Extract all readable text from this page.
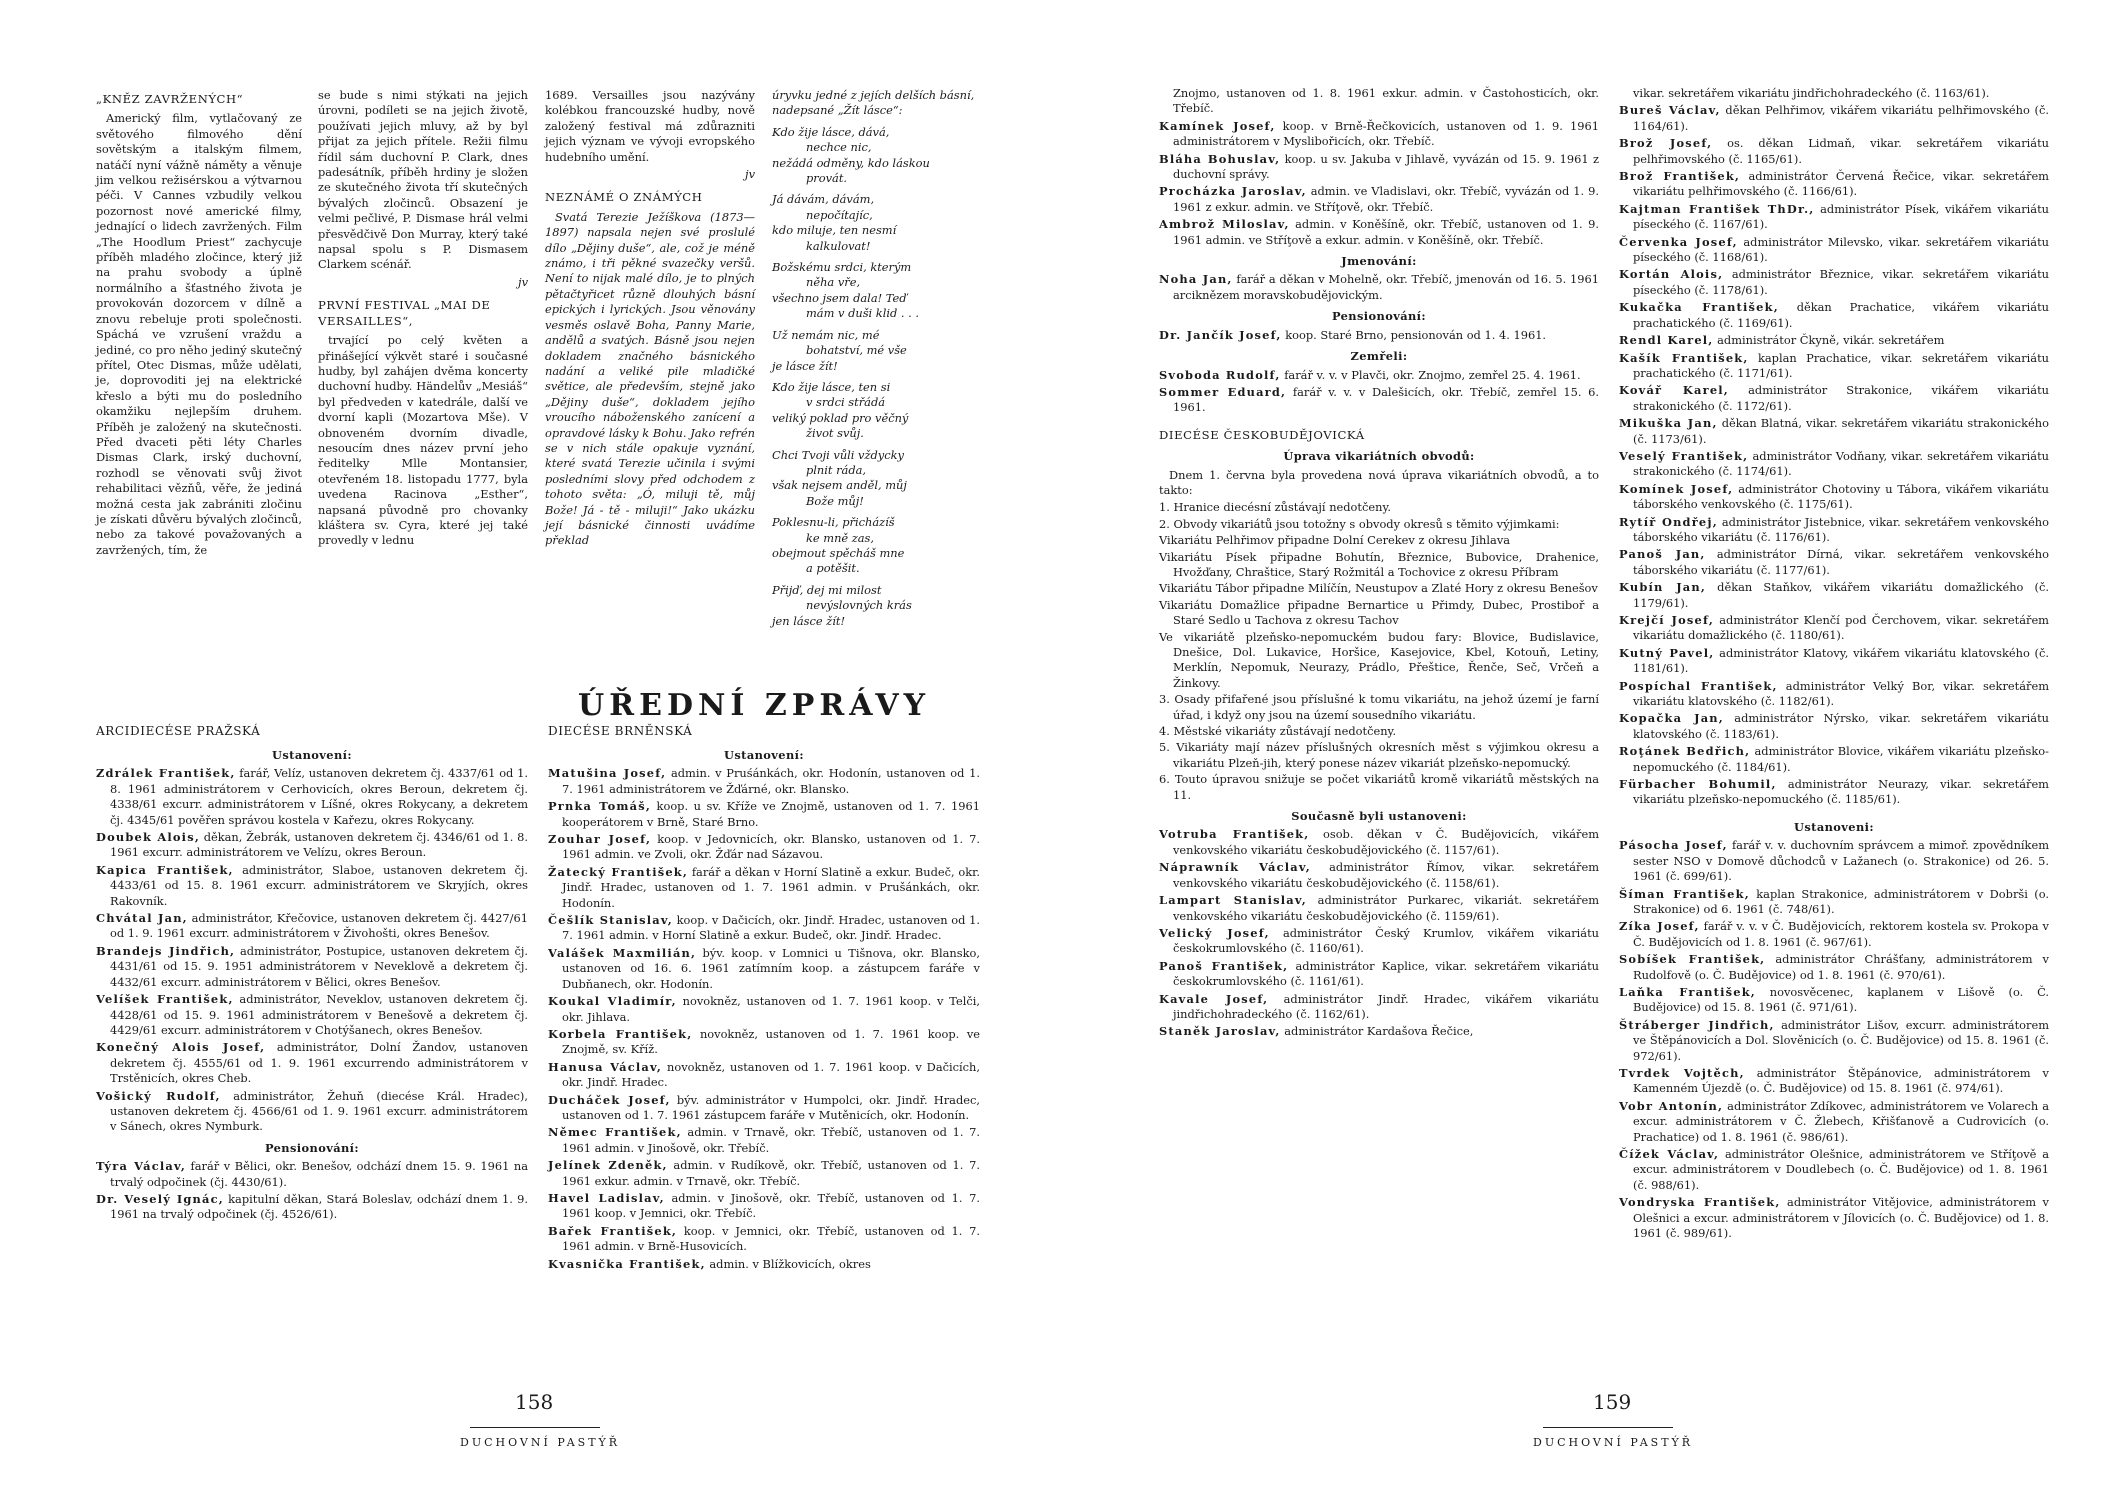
„KNĚZ ZAVRŽENÝCH“

Americký film, vytlačovaný ze světového filmového dění sovětským a italským filmem, natáčí nyní vážně náměty a věnuje jim velkou režisérskou a výtvarnou péči. V Cannes vzbudily velkou pozornost nové americké filmy, jednající o lidech zavržených. Film „The Hoodlum Priest“ zachycuje příběh mladého zločince, který již na prahu svobody a úplně normálního a šťastného života je provokován dozorcem v dílně a znovu rebeluje proti společnosti. Spáchá ve vzrušení vraždu a jediné, co pro něho jediný skutečný přítel, Otec Dismas, může udělati, je, doprovoditi jej na elektrické křeslo a býti mu do posledního okamžiku nejlepším druhem. Příběh je založený na skutečnosti. Před dvaceti pěti léty Charles Dismas Clark, irský duchovní, rozhodl se věnovati svůj život rehabilitaci vězňů, věře, že jediná možná cesta jak zabrániti zločinu je získati důvěru bývalých zločinců, nebo za takové považovaných a zavržených, tím, že

se bude s nimi stýkati na jejich úrovni, podíleti se na jejich životě, používati jejich mluvy, až by byl přijat za jejich přítele. Režii filmu řídil sám duchovní P. Clark, dnes padesátník, příběh hrdiny je složen ze skutečného života tří skutečných bývalých zločinců. Obsazení je velmi pečlivé, P. Dismase hrál velmi přesvědčivě Don Murray, který také napsal spolu s P. Dismasem Clarkem scénář.

jv

PRVNÍ FESTIVAL „MAI DE VERSAILLES“,

trvající po celý květen a přinášející výkvět staré i současné hudby, byl zahájen dvěma koncerty duchovní hudby. Händelův „Mesiáš“ byl předveden v katedrále, další ve dvorní kapli (Mozartova Mše). V obnoveném dvorním divadle, nesoucím dnes název první jeho ředitelky Mlle Montansier, otevřeném 18. listopadu 1777, byla uvedena Racinova „Esther“, napsaná původně pro chovanky kláštera sv. Cyra, které jej také provedly v lednu

1689. Versailles jsou nazývány kolébkou francouzské hudby, nově založený festival má zdůrazniti jejich význam ve vývoji evropského hudebního umění.

jv

NEZNÁMÉ O ZNÁMÝCH

Svatá Terezie Ježíškova (1873—1897) napsala nejen své proslulé dílo „Dějiny duše“, ale, což je méně známo, i tři pěkné svazečky veršů. Není to nijak malé dílo, je to plných pětačtyřicet různě dlouhých básní epických i lyrických. Jsou věnovány vesměs oslavě Boha, Panny Marie, andělů a svatých. Básně jsou nejen dokladem značného básnického nadání a veliké pile mladičké světice, ale především, stejně jako „Dějiny duše“, dokladem jejího vroucího náboženského zanícení a opravdové lásky k Bohu. Jako refrén se v nich stále opakuje vyznání, které svatá Terezie učinila i svými posledními slovy před odchodem z tohoto světa: „Ó, miluji tě, můj Bože! Já - tě - miluji!“ Jako ukázku její básnické činnosti uvádíme překlad

úryvku jedné z jejích delších básní, nadepsané „Žít lásce“:

Kdo žije lásce, dává,
nechce nic,
nežádá odměny, kdo láskou
provát.

Já dávám, dávám,
nepočítajíc,
kdo miluje, ten nesmí
kalkulovat!

Božskému srdci, kterým
něha vře,
všechno jsem dala! Teď
mám v duši klid . . .

Už nemám nic, mé
bohatství, mé vše
je lásce žít!

Kdo žije lásce, ten si
v srdci střádá
veliký poklad pro věčný
život svůj.

Chci Tvoji vůli vždycky
plnit ráda,
však nejsem anděl, můj
Bože můj!

Poklesnu-li, přicházíš
ke mně zas,
obejmout spěcháš mne
a potěšit.

Přijď, dej mi milost
nevýslovných krás
jen lásce žít!

ÚŘEDNÍ ZPRÁVY
ARCIDIECÉSE PRAŽSKÁ

Ustanovení:

Zdrálek František, farář, Velíz, ustanoven dekretem čj. 4337/61 od 1. 8. 1961 administrátorem v Cerhovicích, okres Beroun, dekretem čj. 4338/61 excurr. administrátorem v Líšné, okres Rokycany, a dekretem čj. 4345/61 pověřen správou kostela v Kařezu, okres Rokycany.

Doubek Alois, děkan, Žebrák, ustanoven dekretem čj. 4346/61 od 1. 8. 1961 excurr. administrátorem ve Velízu, okres Beroun.

Kapica František, administrátor, Slaboe, ustanoven dekretem čj. 4433/61 od 15. 8. 1961 excurr. administrátorem ve Skryjích, okres Rakovník.

Chvátal Jan, administrátor, Křečovice, ustanoven dekretem čj. 4427/61 od 1. 9. 1961 excurr. administrátorem v Živohošti, okres Benešov.

Brandejs Jindřich, administrátor, Postupice, ustanoven dekretem čj. 4431/61 od 15. 9. 1951 administrátorem v Neveklově a dekretem čj. 4432/61 excurr. administrátorem v Bělici, okres Benešov.

Velíšek František, administrátor, Neveklov, ustanoven dekretem čj. 4428/61 od 15. 9. 1961 administrátorem v Benešově a dekretem čj. 4429/61 excurr. administrátorem v Chotýšanech, okres Benešov.

Konečný Alois Josef, administrátor, Dolní Žandov, ustanoven dekretem čj. 4555/61 od 1. 9. 1961 excurrendo administrátorem v Trstěnicích, okres Cheb.

Vošický Rudolf, administrátor, Žehuň (diecése Král. Hradec), ustanoven dekretem čj. 4566/61 od 1. 9. 1961 excurr. administrátorem v Sánech, okres Nymburk.

Pensionování:

Týra Václav, farář v Bělici, okr. Benešov, odchází dnem 15. 9. 1961 na trvalý odpočinek (čj. 4430/61).

Dr. Veselý Ignác, kapitulní děkan, Stará Boleslav, odchází dnem 1. 9. 1961 na trvalý odpočinek (čj. 4526/61).

DIECÉSE BRNĚNSKÁ

Ustanovení:

Matušina Josef, admin. v Pruśánkách, okr. Hodonín, ustanoven od 1. 7. 1961 administrátorem ve Žďárné, okr. Blansko.

Prnka Tomáš, koop. u sv. Kříže ve Znojmě, ustanoven od 1. 7. 1961 kooperátorem v Brně, Staré Brno.

Zouhar Josef, koop. v Jedovnicích, okr. Blansko, ustanoven od 1. 7. 1961 admin. ve Zvoli, okr. Žďár nad Sázavou.

Žatecký František, farář a děkan v Horní Slatině a exkur. Budeč, okr. Jindř. Hradec, ustanoven od 1. 7. 1961 admin. v Prušánkách, okr. Hodonín.

Češlík Stanislav, koop. v Dačicích, okr. Jindř. Hradec, ustanoven od 1. 7. 1961 admin. v Horní Slatině a exkur. Budeč, okr. Jindř. Hradec.

Valášek Maxmilián, býv. koop. v Lomnici u Tišnova, okr. Blansko, ustanoven od 16. 6. 1961 zatímním koop. a zástupcem faráře v Dubňanech, okr. Hodonín.

Koukal Vladimír, novokněz, ustanoven od 1. 7. 1961 koop. v Telči, okr. Jihlava.

Korbela František, novokněz, ustanoven od 1. 7. 1961 koop. ve Znojmě, sv. Kříž.

Hanusa Václav, novokněz, ustanoven od 1. 7. 1961 koop. v Dačicích, okr. Jindř. Hradec.

Ducháček Josef, býv. administrátor v Humpolci, okr. Jindř. Hradec, ustanoven od 1. 7. 1961 zástupcem faráře v Mutěnicích, okr. Hodonín.

Němec František, admin. v Trnavě, okr. Třebíč, ustanoven od 1. 7. 1961 admin. v Jinošově, okr. Třebíč.

Jelínek Zdeněk, admin. v Rudíkově, okr. Třebíč, ustanoven od 1. 7. 1961 exkur. admin. v Trnavě, okr. Třebíč.

Havel Ladislav, admin. v Jinošově, okr. Třebíč, ustanoven od 1. 7. 1961 koop. v Jemnici, okr. Třebíč.

Bařek František, koop. v Jemnici, okr. Třebíč, ustanoven od 1. 7. 1961 admin. v Brně-Husovicích.

Kvasnička František, admin. v Blížkovicích, okres

158
DUCHOVNÍ PASTÝŘ

Znojmo, ustanoven od 1. 8. 1961 exkur. admin. v Častohosticích, okr. Třebíč.

Kamínek Josef, koop. v Brně-Řečkovicích, ustanoven od 1. 9. 1961 administrátorem v Myslibořicích, okr. Třebíč.

Bláha Bohuslav, koop. u sv. Jakuba v Jihlavě, vyvázán od 15. 9. 1961 z duchovní správy.

Procházka Jaroslav, admin. ve Vladislavi, okr. Třebíč, vyvázán od 1. 9. 1961 z exkur. admin. ve Stříţově, okr. Třebíč.

Ambrož Miloslav, admin. v Koněšíně, okr. Třebíč, ustanoven od 1. 9. 1961 admin. ve Stříţově a exkur. admin. v Koněšíně, okr. Třebíč.

Jmenování:

Noha Jan, farář a děkan v Mohelně, okr. Třebíč, jmenován od 16. 5. 1961 arciknězem moravskobudějovickým.

Pensionování:

Dr. Jančík Josef, koop. Staré Brno, pensionován od 1. 4. 1961.

Zemřeli:

Svoboda Rudolf, farář v. v. v Plavči, okr. Znojmo, zemřel 25. 4. 1961.

Sommer Eduard, farář v. v. v Dalešicích, okr. Třebíč, zemřel 15. 6. 1961.

DIECÉSE ČESKOBUDĚJOVICKÁ

Úprava vikariátních obvodů:

Dnem 1. června byla provedena nová úprava vikariátních obvodů, a to takto:

1. Hranice diecésní zůstávají nedotčeny.

2. Obvody vikariátů jsou totožny s obvody okresů s těmito výjimkami:

Vikariátu Pelhřimov připadne Dolní Cerekev z okresu Jihlava

Vikariátu Písek připadne Bohutín, Březnice, Bubovice, Drahenice, Hvožďany, Chraštice, Starý Rožmitál a Tochovice z okresu Příbram

Vikariátu Tábor připadne Milíčín, Neustupov a Zlaté Hory z okresu Benešov

Vikariátu Domažlice připadne Bernartice u Přimdy, Dubec, Prostiboř a Staré Sedlo u Tachova z okresu Tachov

Ve vikariátě plzeňsko-nepomuckém budou fary: Blovice, Budislavice, Dnešice, Dol. Lukavice, Horšice, Kasejovice, Kbel, Kotouň, Letiny, Merklín, Nepomuk, Neurazy, Prádlo, Přeštice, Řenče, Seč, Vrčeň a Žinkovy.

3. Osady přifařené jsou příslušné k tomu vikariátu, na jehož území je farní úřad, i když ony jsou na území sousedního vikariátu.

4. Městské vikariáty zůstávají nedotčeny.

5. Vikariáty mají název příslušných okresních měst s výjimkou okresu a vikariátu Plzeň-jih, který ponese název vikariát plzeňsko-nepomucký.

6. Touto úpravou snižuje se počet vikariátů kromě vikariátů městských na 11.

Současně byli ustanoveni:

Votruba František, osob. děkan v Č. Budějovicích, vikářem venkovského vikariátu českobudějovického (č. 1157/61).

Náprawník Václav, administrátor Římov, vikar. sekretářem venkovského vikariátu českobudějovického (č. 1158/61).

Lampart Stanislav, administrátor Purkarec, vikariát. sekretářem venkovského vikariátu českobudějovického (č. 1159/61).

Velický Josef, administrátor Český Krumlov, vikářem vikariátu českokrumlovského (č. 1160/61).

Panoš František, administrátor Kaplice, vikar. sekretářem vikariátu českokrumlovského (č. 1161/61).

Kavale Josef, administrátor Jindř. Hradec, vikářem vikariátu jindřichohradeckého (č. 1162/61).

Staněk Jaroslav, administrátor Kardašova Řečice,

vikar. sekretářem vikariátu jindřichohradeckého (č. 1163/61).

Bureš Václav, děkan Pelhřimov, vikářem vikariátu pelhřimovského (č. 1164/61).

Brož Josef, os. děkan Lidmaň, vikar. sekretářem vikariátu pelhřimovského (č. 1165/61).

Brož František, administrátor Červená Řečice, vikar. sekretářem vikariátu pelhřimovského (č. 1166/61).

Kajtman František ThDr., administrátor Písek, vikářem vikariátu píseckého (č. 1167/61).

Červenka Josef, administrátor Milevsko, vikar. sekretářem vikariátu píseckého (č. 1168/61).

Kortán Alois, administrátor Březnice, vikar. sekretářem vikariátu píseckého (č. 1178/61).

Kukačka František, děkan Prachatice, vikářem vikariátu prachatického (č. 1169/61).

Rendl Karel, administrátor Čkyně, vikár. sekretářem

Kašík František, kaplan Prachatice, vikar. sekretářem vikariátu prachatického (č. 1171/61).

Kovář Karel, administrátor Strakonice, vikářem vikariátu strakonického (č. 1172/61).

Mikuška Jan, děkan Blatná, vikar. sekretářem vikariátu strakonického (č. 1173/61).

Veselý František, administrátor Vodňany, vikar. sekretářem vikariátu strakonického (č. 1174/61).

Komínek Josef, administrátor Chotoviny u Tábora, vikářem vikariátu táborského venkovského (č. 1175/61).

Rytíř Ondřej, administrátor Jistebnice, vikar. sekretářem venkovského táborského vikariátu (č. 1176/61).

Panoš Jan, administrátor Dírná, vikar. sekretářem venkovského táborského vikariátu (č. 1177/61).

Kubín Jan, děkan Staňkov, vikářem vikariátu domažlického (č. 1179/61).

Krejčí Josef, administrátor Klenčí pod Čerchovem, vikar. sekretářem vikariátu domažlického (č. 1180/61).

Kutný Pavel, administrátor Klatovy, vikářem vikariátu klatovského (č. 1181/61).

Pospíchal František, administrátor Velký Bor, vikar. sekretářem vikariátu klatovského (č. 1182/61).

Kopačka Jan, administrátor Nýrsko, vikar. sekretářem vikariátu klatovského (č. 1183/61).

Roţánek Bedřich, administrátor Blovice, vikářem vikariátu plzeňsko-nepomuckého (č. 1184/61).

Fürbacher Bohumil, administrátor Neurazy, vikar. sekretářem vikariátu plzeňsko-nepomuckého (č. 1185/61).

Ustanoveni:

Pásocha Josef, farář v. v. duchovním správcem a mimoř. zpovědníkem sester NSO v Domově důchodců v Lažanech (o. Strakonice) od 26. 5. 1961 (č. 699/61).

Šíman František, kaplan Strakonice, administrátorem v Dobrši (o. Strakonice) od 6. 1961 (č. 748/61).

Zíka Josef, farář v. v. v Č. Budějovicích, rektorem kostela sv. Prokopa v Č. Budějovicích od 1. 8. 1961 (č. 967/61).

Sobíšek František, administrátor Chrášťany, administrátorem v Rudolfově (o. Č. Budějovice) od 1. 8. 1961 (č. 970/61).

Laňka František, novosvěcenec, kaplanem v Lišově (o. Č. Budějovice) od 15. 8. 1961 (č. 971/61).

Štráberger Jindřich, administrátor Lišov, excurr. administrátorem ve Štěpánovicích a Dol. Slověnicích (o. Č. Budějovice) od 15. 8. 1961 (č. 972/61).

Tvrdek Vojtěch, administrátor Štěpánovice, administrátorem v Kamenném Újezdě (o. Č. Budějovice) od 15. 8. 1961 (č. 974/61).

Vobr Antonín, administrátor Zdíkovec, administrátorem ve Volarech a excur. administrátorem v Č. Žlebech, Křišťanově a Cudrovicích (o. Prachatice) od 1. 8. 1961 (č. 986/61).

Čížek Václav, administrátor Olešnice, administrátorem ve Stříţově a excur. administrátorem v Doudlebech (o. Č. Budějovice) od 1. 8. 1961 (č. 988/61).

Vondryska František, administrátor Vitějovice, administrátorem v Olešnici a excur. administrátorem v Jílovicích (o. Č. Budějovice) od 1. 8. 1961 (č. 989/61).

159
DUCHOVNÍ PASTÝŘ
